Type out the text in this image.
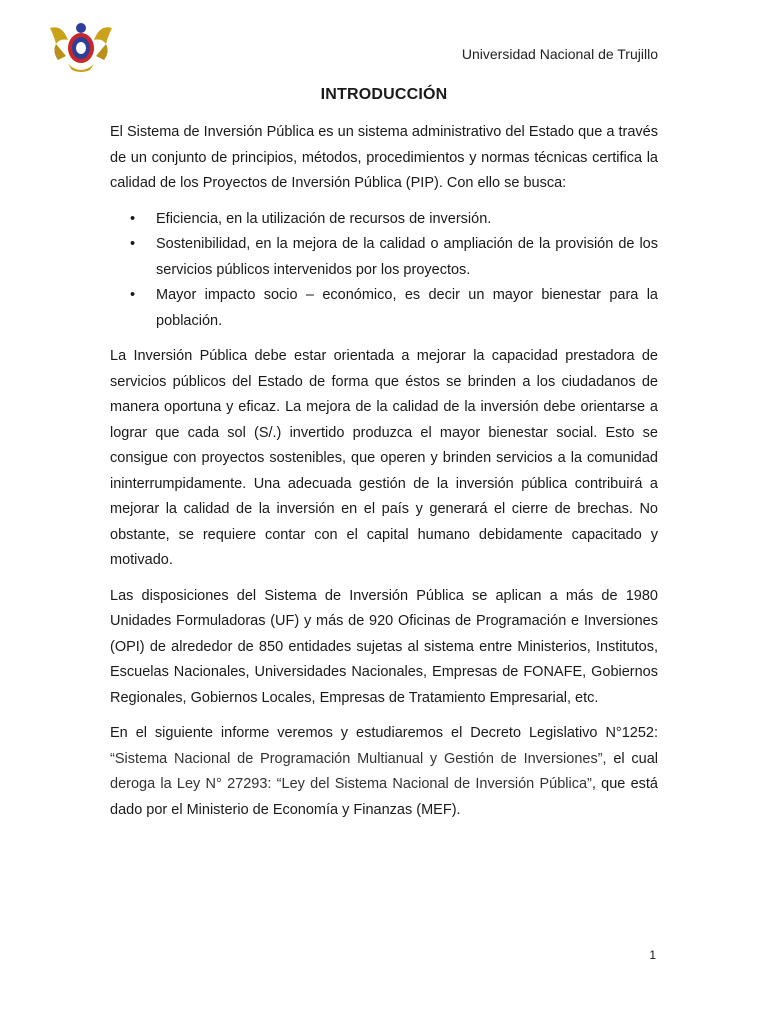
Universidad Nacional de Trujillo
INTRODUCCIÓN

El Sistema de Inversión Pública es un sistema administrativo del Estado que a través de un conjunto de principios, métodos, procedimientos y normas técnicas certifica la calidad de los Proyectos de Inversión Pública (PIP). Con ello se busca:

• Eficiencia, en la utilización de recursos de inversión.
• Sostenibilidad, en la mejora de la calidad o ampliación de la provisión de los servicios públicos intervenidos por los proyectos.
• Mayor impacto socio – económico, es decir un mayor bienestar para la población.

La Inversión Pública debe estar orientada a mejorar la capacidad prestadora de servicios públicos del Estado de forma que éstos se brinden a los ciudadanos de manera oportuna y eficaz. La mejora de la calidad de la inversión debe orientarse a lograr que cada sol (S/.) invertido produzca el mayor bienestar social. Esto se consigue con proyectos sostenibles, que operen y brinden servicios a la comunidad ininterrumpidamente. Una adecuada gestión de la inversión pública contribuirá a mejorar la calidad de la inversión en el país y generará el cierre de brechas. No obstante, se requiere contar con el capital humano debidamente capacitado y motivado.

Las disposiciones del Sistema de Inversión Pública se aplican a más de 1980 Unidades Formuladoras (UF) y más de 920 Oficinas de Programación e Inversiones (OPI) de alrededor de 850 entidades sujetas al sistema entre Ministerios, Institutos, Escuelas Nacionales, Universidades Nacionales, Empresas de FONAFE, Gobiernos Regionales, Gobiernos Locales, Empresas de Tratamiento Empresarial, etc.

En el siguiente informe veremos y estudiaremos el Decreto Legislativo N°1252: “Sistema Nacional de Programación Multianual y Gestión de Inversiones”, el cual deroga la Ley N° 27293: “Ley del Sistema Nacional de Inversión Pública”, que está dado por el Ministerio de Economía y Finanzas (MEF).

1
